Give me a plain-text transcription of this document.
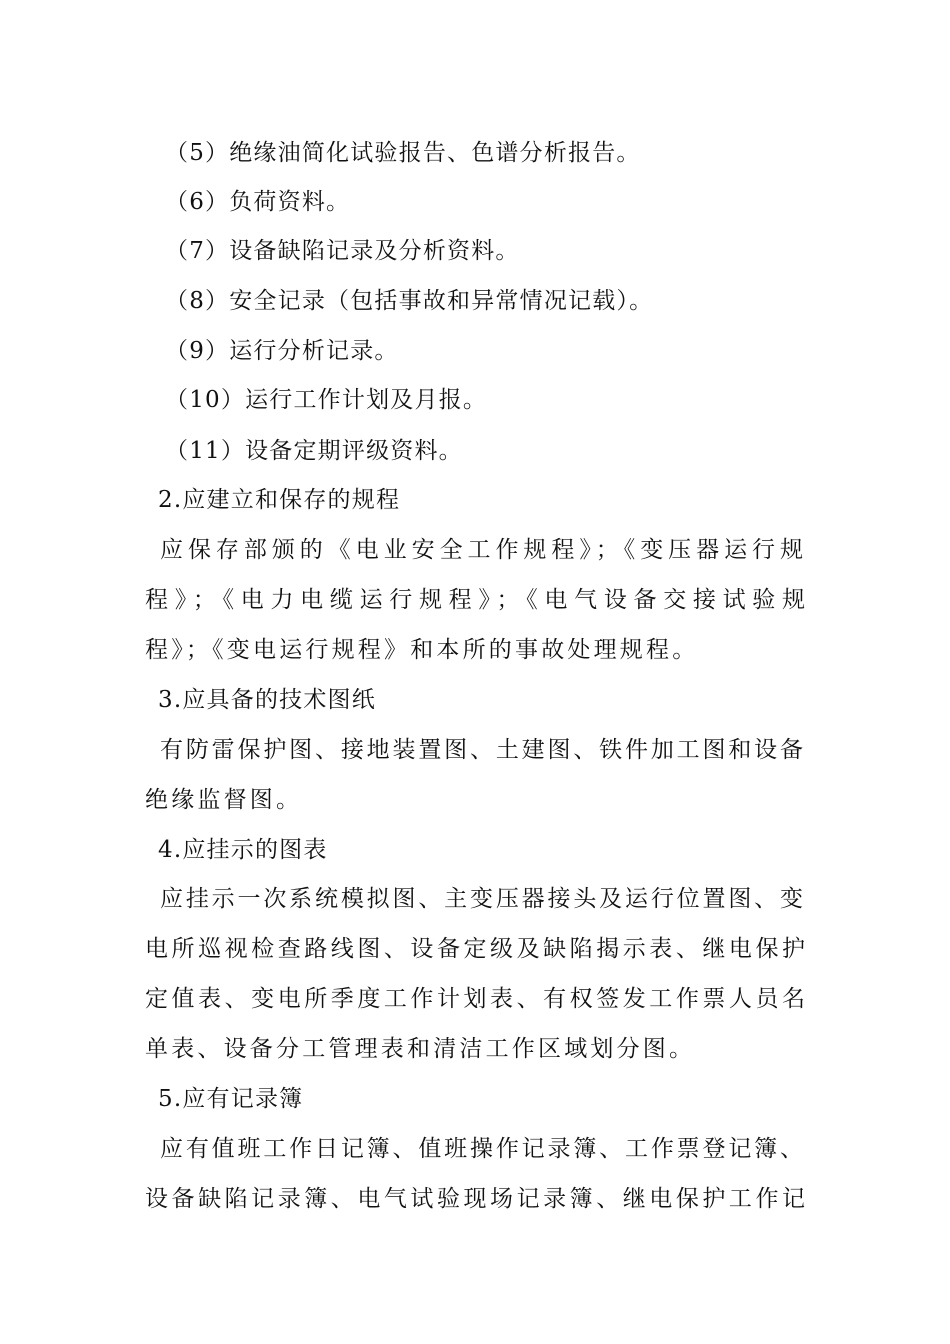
（5）绝缘油简化试验报告、色谱分析报告。
（6）负荷资料。
（7）设备缺陷记录及分析资料。
（8）安全记录（包括事故和异常情况记载）。
（9）运行分析记录。
（10）运行工作计划及月报。
（11）设备定期评级资料。
2.应建立和保存的规程
应保存部颁的《电业安全工作规程》；《变压器运行规
程》；《电力电缆运行规程》；《电气设备交接试验规
程》；《变电运行规程》和本所的事故处理规程。
3.应具备的技术图纸
有防雷保护图、接地装置图、土建图、铁件加工图和设备
绝缘监督图。
4.应挂示的图表
应挂示一次系统模拟图、主变压器接头及运行位置图、变
电所巡视检查路线图、设备定级及缺陷揭示表、继电保护
定值表、变电所季度工作计划表、有权签发工作票人员名
单表、设备分工管理表和清洁工作区域划分图。
5.应有记录簿
应有值班工作日记簿、值班操作记录簿、工作票登记簿、
设备缺陷记录簿、电气试验现场记录簿、继电保护工作记
